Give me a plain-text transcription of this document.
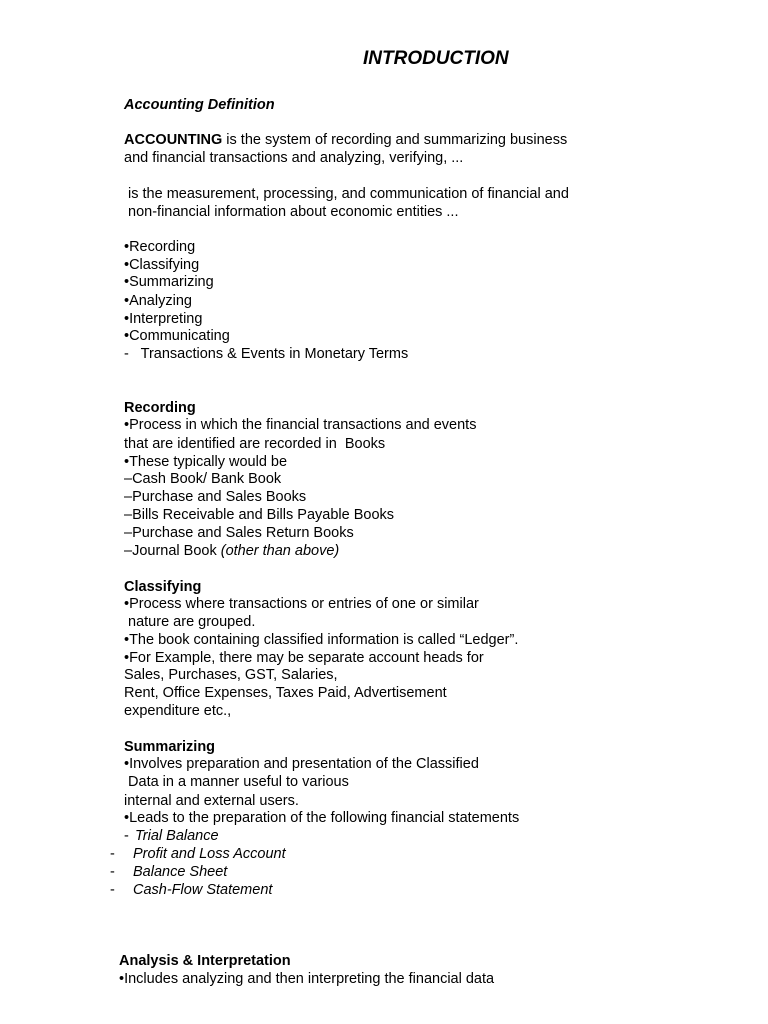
INTRODUCTION
Accounting Definition
ACCOUNTING is the system of recording and summarizing business
and financial transactions and analyzing, verifying, ...
is the measurement, processing, and communication of financial and
non-financial information about economic entities ...
•Recording
•Classifying
•Summarizing
•Analyzing
•Interpreting
•Communicating
-   Transactions & Events in Monetary Terms
Recording
•Process in which the financial transactions and events
that are identified are recorded in  Books
•These typically would be
–Cash Book/ Bank Book
–Purchase and Sales Books
–Bills Receivable and Bills Payable Books
–Purchase and Sales Return Books
–Journal Book (other than above)
Classifying
•Process where transactions or entries of one or similar
nature are grouped.
•The book containing classified information is called “Ledger”.
•For Example, there may be separate account heads for
Sales, Purchases, GST, Salaries,
Rent, Office Expenses, Taxes Paid, Advertisement
expenditure etc.,
Summarizing
•Involves preparation and presentation of the Classified
Data in a manner useful to various
internal and external users.
•Leads to the preparation of the following financial statements
- Trial Balance
- Profit and Loss Account
- Balance Sheet
- Cash-Flow Statement
Analysis & Interpretation
•Includes analyzing and then interpreting the financial data
